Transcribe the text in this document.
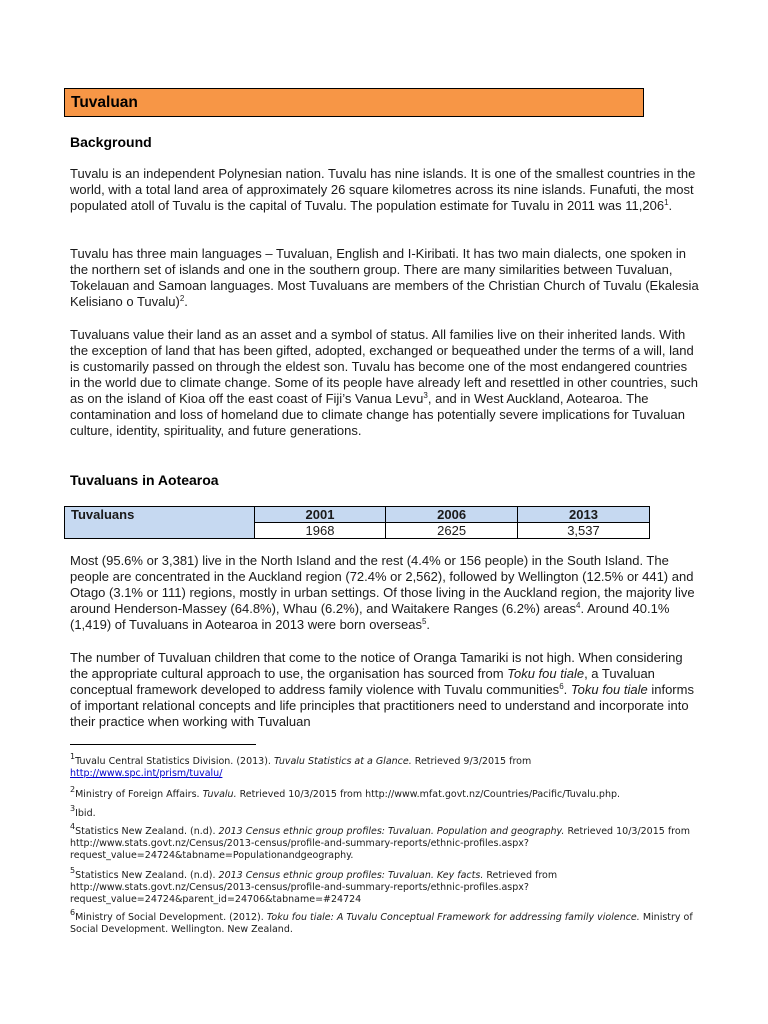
Tuvaluan
Background
Tuvalu is an independent Polynesian nation. Tuvalu has nine islands. It is one of the smallest countries in the world, with a total land area of approximately 26 square kilometres across its nine islands. Funafuti, the most populated atoll of Tuvalu is the capital of Tuvalu. The population estimate for Tuvalu in 2011 was 11,206$^1$.
Tuvalu has three main languages – Tuvaluan, English and I-Kiribati. It has two main dialects, one spoken in the northern set of islands and one in the southern group. There are many similarities between Tuvaluan, Tokelauan and Samoan languages. Most Tuvaluans are members of the Christian Church of Tuvalu (Ekalesia Kelisiano o Tuvalu)$^2$.
Tuvaluans value their land as an asset and a symbol of status. All families live on their inherited lands. With the exception of land that has been gifted, adopted, exchanged or bequeathed under the terms of a will, land is customarily passed on through the eldest son. Tuvalu has become one of the most endangered countries in the world due to climate change. Some of its people have already left and resettled in other countries, such as on the island of Kioa off the east coast of Fiji’s Vanua Levu$^3$, and in West Auckland, Aotearoa. The contamination and loss of homeland due to climate change has potentially severe implications for Tuvaluan culture, identity, spirituality, and future generations.
Tuvaluans in Aotearoa
Tuvaluans	2001	2006	2013
	1968	2625	3,537
Most (95.6% or 3,381) live in the North Island and the rest (4.4% or 156 people) in the South Island. The people are concentrated in the Auckland region (72.4% or 2,562), followed by Wellington (12.5% or 441) and Otago (3.1% or 111) regions, mostly in urban settings. Of those living in the Auckland region, the majority live around Henderson-Massey (64.8%), Whau (6.2%), and Waitakere Ranges (6.2%) areas$^4$. Around 40.1% (1,419) of Tuvaluans in Aotearoa in 2013 were born overseas$^5$.
The number of Tuvaluan children that come to the notice of Oranga Tamariki is not high. When considering the appropriate cultural approach to use, the organisation has sourced from Toku fou tiale, a Tuvaluan conceptual framework developed to address family violence with Tuvalu communities$^6$. Toku fou tiale informs of important relational concepts and life principles that practitioners need to understand and incorporate into their practice when working with Tuvaluan
$^1$Tuvalu Central Statistics Division. (2013). Tuvalu Statistics at a Glance. Retrieved 9/3/2015 from
http://www.spc.int/prism/tuvalu/
$^2$Ministry of Foreign Affairs. Tuvalu. Retrieved 10/3/2015 from http://www.mfat.govt.nz/Countries/Pacific/Tuvalu.php.
$^3$Ibid.
$^4$Statistics New Zealand. (n.d). 2013 Census ethnic group profiles: Tuvaluan. Population and geography. Retrieved 10/3/2015 from http://www.stats.govt.nz/Census/2013-census/profile-and-summary-reports/ethnic-profiles.aspx?request_value=24724&tabname=Populationandgeography.
$^5$Statistics New Zealand. (n.d). 2013 Census ethnic group profiles: Tuvaluan. Key facts. Retrieved from http://www.stats.govt.nz/Census/2013-census/profile-and-summary-reports/ethnic-profiles.aspx?request_value=24724&parent_id=24706&tabname=#24724
$^6$Ministry of Social Development. (2012). Toku fou tiale: A Tuvalu Conceptual Framework for addressing family violence. Ministry of Social Development. Wellington. New Zealand.
